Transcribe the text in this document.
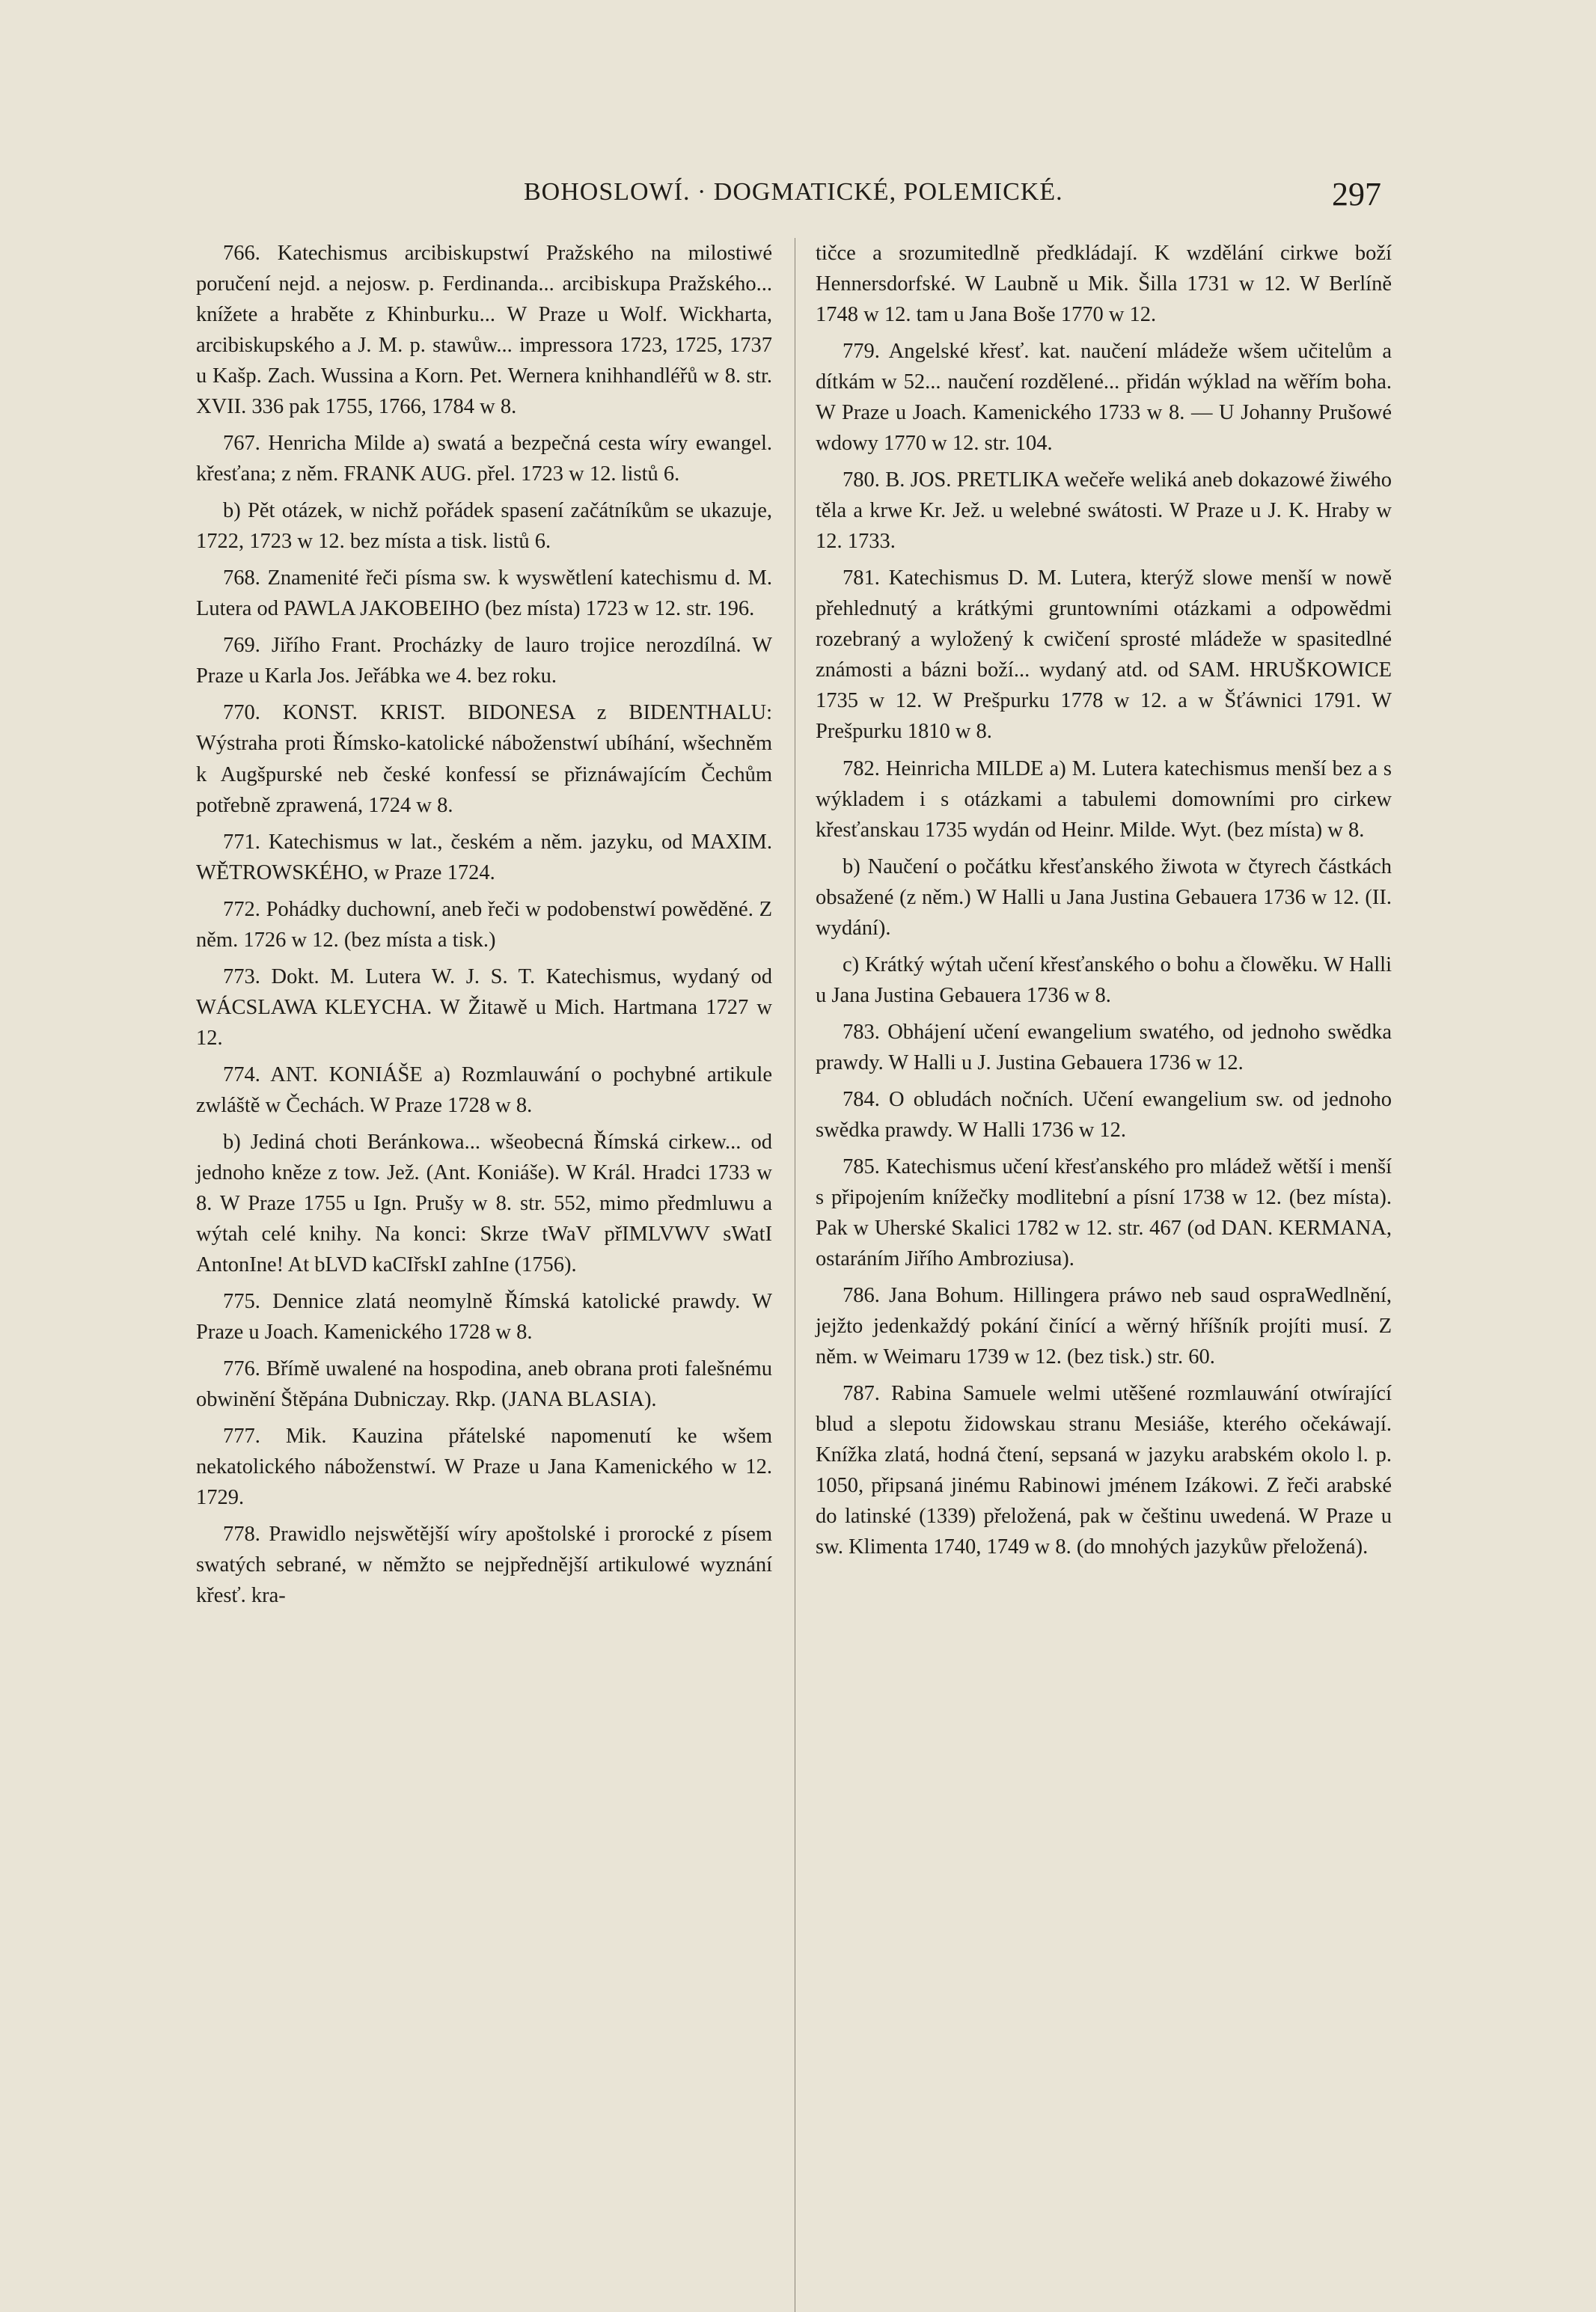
BOHOSLOWÍ. · DOGMATICKÉ, POLEMICKÉ.	297

766. Katechismus arcibiskupstwí Pražského na milostiwé poručení nejd. a nejosw. p. Ferdinanda... arcibiskupa Pražského... knížete a hraběte z Khinburku... W Praze u Wolf. Wickharta, arcibiskupského a J. M. p. stawůw... impressora 1723, 1725, 1737 u Kašp. Zach. Wussina a Korn. Pet. Wernera knihhandléřů w 8. str. XVII. 336 pak 1755, 1766, 1784 w 8.

767. Henricha Milde a) swatá a bezpečná cesta wíry ewangel. křesťana; z něm. FRANK AUG. přel. 1723 w 12. listů 6.

b) Pět otázek, w nichž pořádek spasení začátníkům se ukazuje, 1722, 1723 w 12. bez místa a tisk. listů 6.

768. Znamenité řeči písma sw. k wyswětlení katechismu d. M. Lutera od PAWLA JAKOBEIHO (bez místa) 1723 w 12. str. 196.

769. Jiřího Frant. Procházky de lauro trojice nerozdílná. W Praze u Karla Jos. Jeřábka we 4. bez roku.

770. KONST. KRIST. BIDONESA z BIDENTHALU: Wýstraha proti Římsko-katolické náboženstwí ubíhání, wšechněm k Augšpurské neb české konfessí se přiznáwajícím Čechům potřebně zprawená, 1724 w 8.

771. Katechismus w lat., českém a něm. jazyku, od MAXIM. WĚTROWSKÉHO, w Praze 1724.

772. Pohádky duchowní, aneb řeči w podobenstwí powěděné. Z něm. 1726 w 12. (bez místa a tisk.)

773. Dokt. M. Lutera W. J. S. T. Katechismus, wydaný od WÁCSLAWA KLEYCHA. W Žitawě u Mich. Hartmana 1727 w 12.

774. ANT. KONIÁŠE a) Rozmlauwání o pochybné artikule zwláště w Čechách. W Praze 1728 w 8.

b) Jediná choti Beránkowa... wšeobecná Římská cirkew... od jednoho kněze z tow. Jež. (Ant. Koniáše). W Král. Hradci 1733 w 8. W Praze 1755 u Ign. Prušy w 8. str. 552, mimo předmluwu a wýtah celé knihy. Na konci: Skrze tWaV přIMLVWV sWatI AntonIne! At bLVD kaCIřskI zahIne (1756).

775. Dennice zlatá neomylně Římská katolické prawdy. W Praze u Joach. Kamenického 1728 w 8.

776. Břímě uwalené na hospodina, aneb obrana proti falešnému obwinění Štěpána Dubniczay. Rkp. (JANA BLASIA).

777. Mik. Kauzina přátelské napomenutí ke wšem nekatolického náboženstwí. W Praze u Jana Kamenického w 12. 1729.

778. Prawidlo nejswětější wíry apoštolské i prorocké z písem swatých sebrané, w němžto se nejpřednější artikulowé wyznání křesť. kra-

tičce a srozumitedlně předkládají. K wzdělání cirkwe boží Hennersdorfské. W Laubně u Mik. Šilla 1731 w 12. W Berlíně 1748 w 12. tam u Jana Boše 1770 w 12.

779. Angelské křesť. kat. naučení mládeže wšem učitelům a dítkám w 52... naučení rozdělené... přidán wýklad na wěřím boha. W Praze u Joach. Kamenického 1733 w 8. — U Johanny Prušowé wdowy 1770 w 12. str. 104.

780. B. JOS. PRETLIKA wečeře weliká aneb dokazowé žiwého těla a krwe Kr. Jež. u welebné swátosti. W Praze u J. K. Hraby w 12. 1733.

781. Katechismus D. M. Lutera, kterýž slowe menší w nowě přehlednutý a krátkými gruntowními otázkami a odpowědmi rozebraný a wyložený k cwičení sprosté mládeže w spasitedlné známosti a bázni boží... wydaný atd. od SAM. HRUŠKOWICE 1735 w 12. W Prešpurku 1778 w 12. a w Šťáwnici 1791. W Prešpurku 1810 w 8.

782. Heinricha MILDE a) M. Lutera katechismus menší bez a s wýkladem i s otázkami a tabulemi domowními pro cirkew křesťanskau 1735 wydán od Heinr. Milde. Wyt. (bez místa) w 8.

b) Naučení o počátku křesťanského žiwota w čtyrech částkách obsažené (z něm.) W Halli u Jana Justina Gebauera 1736 w 12. (II. wydání).

c) Krátký wýtah učení křesťanského o bohu a člowěku. W Halli u Jana Justina Gebauera 1736 w 8.

783. Obhájení učení ewangelium swatého, od jednoho swědka prawdy. W Halli u J. Justina Gebauera 1736 w 12.

784. O obludách nočních. Učení ewangelium sw. od jednoho swědka prawdy. W Halli 1736 w 12.

785. Katechismus učení křesťanského pro mládež wětší i menší s připojením knížečky modlitební a písní 1738 w 12. (bez místa). Pak w Uherské Skalici 1782 w 12. str. 467 (od DAN. KERMANA, ostaráním Jiřího Ambroziusa).

786. Jana Bohum. Hillingera práwo neb saud ospraWedlnění, jejžto jedenkaždý pokání činící a wěrný hříšník projíti musí. Z něm. w Weimaru 1739 w 12. (bez tisk.) str. 60.

787. Rabina Samuele welmi utěšené rozmlauwání otwírající blud a slepotu židowskau stranu Mesiáše, kterého očekáwají. Knížka zlatá, hodná čtení, sepsaná w jazyku arabském okolo l. p. 1050, připsaná jinému Rabinowi jménem Izákowi. Z řeči arabské do latinské (1339) přeložená, pak w češtinu uwedená. W Praze u sw. Klimenta 1740, 1749 w 8. (do mnohých jazykůw přeložená).
